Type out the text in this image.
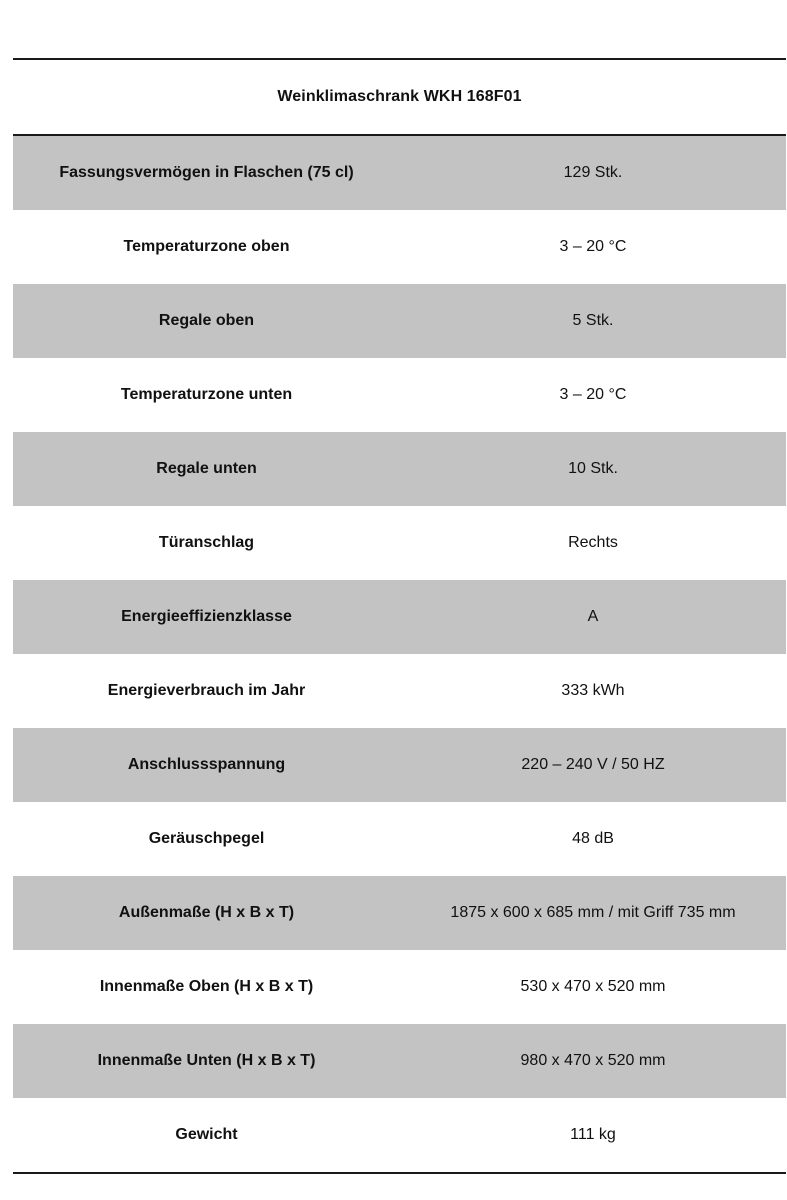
Weinklimaschrank WKH 168F01
Fassungsvermögen in Flaschen (75 cl)	129 Stk.
Temperaturzone oben	3 – 20 °C
Regale oben	5 Stk.
Temperaturzone unten	3 – 20 °C
Regale unten	10 Stk.
Türanschlag	Rechts
Energieeffizienzklasse	A
Energieverbrauch im Jahr	333 kWh
Anschlussspannung	220 – 240 V / 50 HZ
Geräuschpegel	48 dB
Außenmaße (H x B x T)	1875 x 600 x 685 mm / mit Griff 735 mm
Innenmaße Oben (H x B x T)	530 x 470 x 520 mm
Innenmaße Unten (H x B x T)	980 x 470 x 520 mm
Gewicht	111 kg
